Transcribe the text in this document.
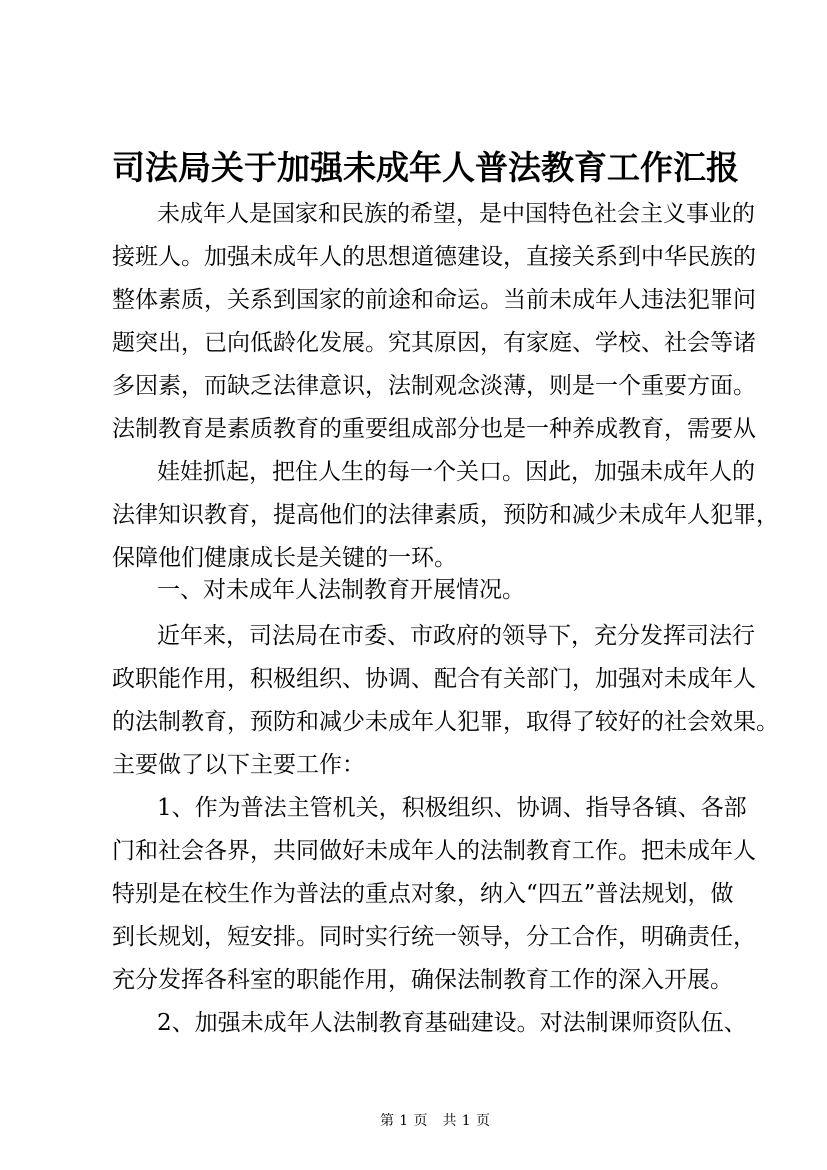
司法局关于加强未成年人普法教育工作汇报
未成年人是国家和民族的希望，是中国特色社会主义事业的
接班人。加强未成年人的思想道德建设，直接关系到中华民族的
整体素质，关系到国家的前途和命运。当前未成年人违法犯罪问
题突出，已向低龄化发展。究其原因，有家庭、学校、社会等诸
多因素，而缺乏法律意识，法制观念淡薄，则是一个重要方面。
法制教育是素质教育的重要组成部分也是一种养成教育，需要从
娃娃抓起，把住人生的每一个关口。因此，加强未成年人的
法律知识教育，提高他们的法律素质，预防和减少未成年人犯罪，
保障他们健康成长是关键的一环。
一、对未成年人法制教育开展情况。
近年来，司法局在市委、市政府的领导下，充分发挥司法行
政职能作用，积极组织、协调、配合有关部门，加强对未成年人
的法制教育，预防和减少未成年人犯罪，取得了较好的社会效果。
主要做了以下主要工作：
1、作为普法主管机关，积极组织、协调、指导各镇、各部
门和社会各界，共同做好未成年人的法制教育工作。把未成年人
特别是在校生作为普法的重点对象，纳入“四五”普法规划，做
到长规划，短安排。同时实行统一领导，分工合作，明确责任，
充分发挥各科室的职能作用，确保法制教育工作的深入开展。
2、加强未成年人法制教育基础建设。对法制课师资队伍、
第1页 共1页
